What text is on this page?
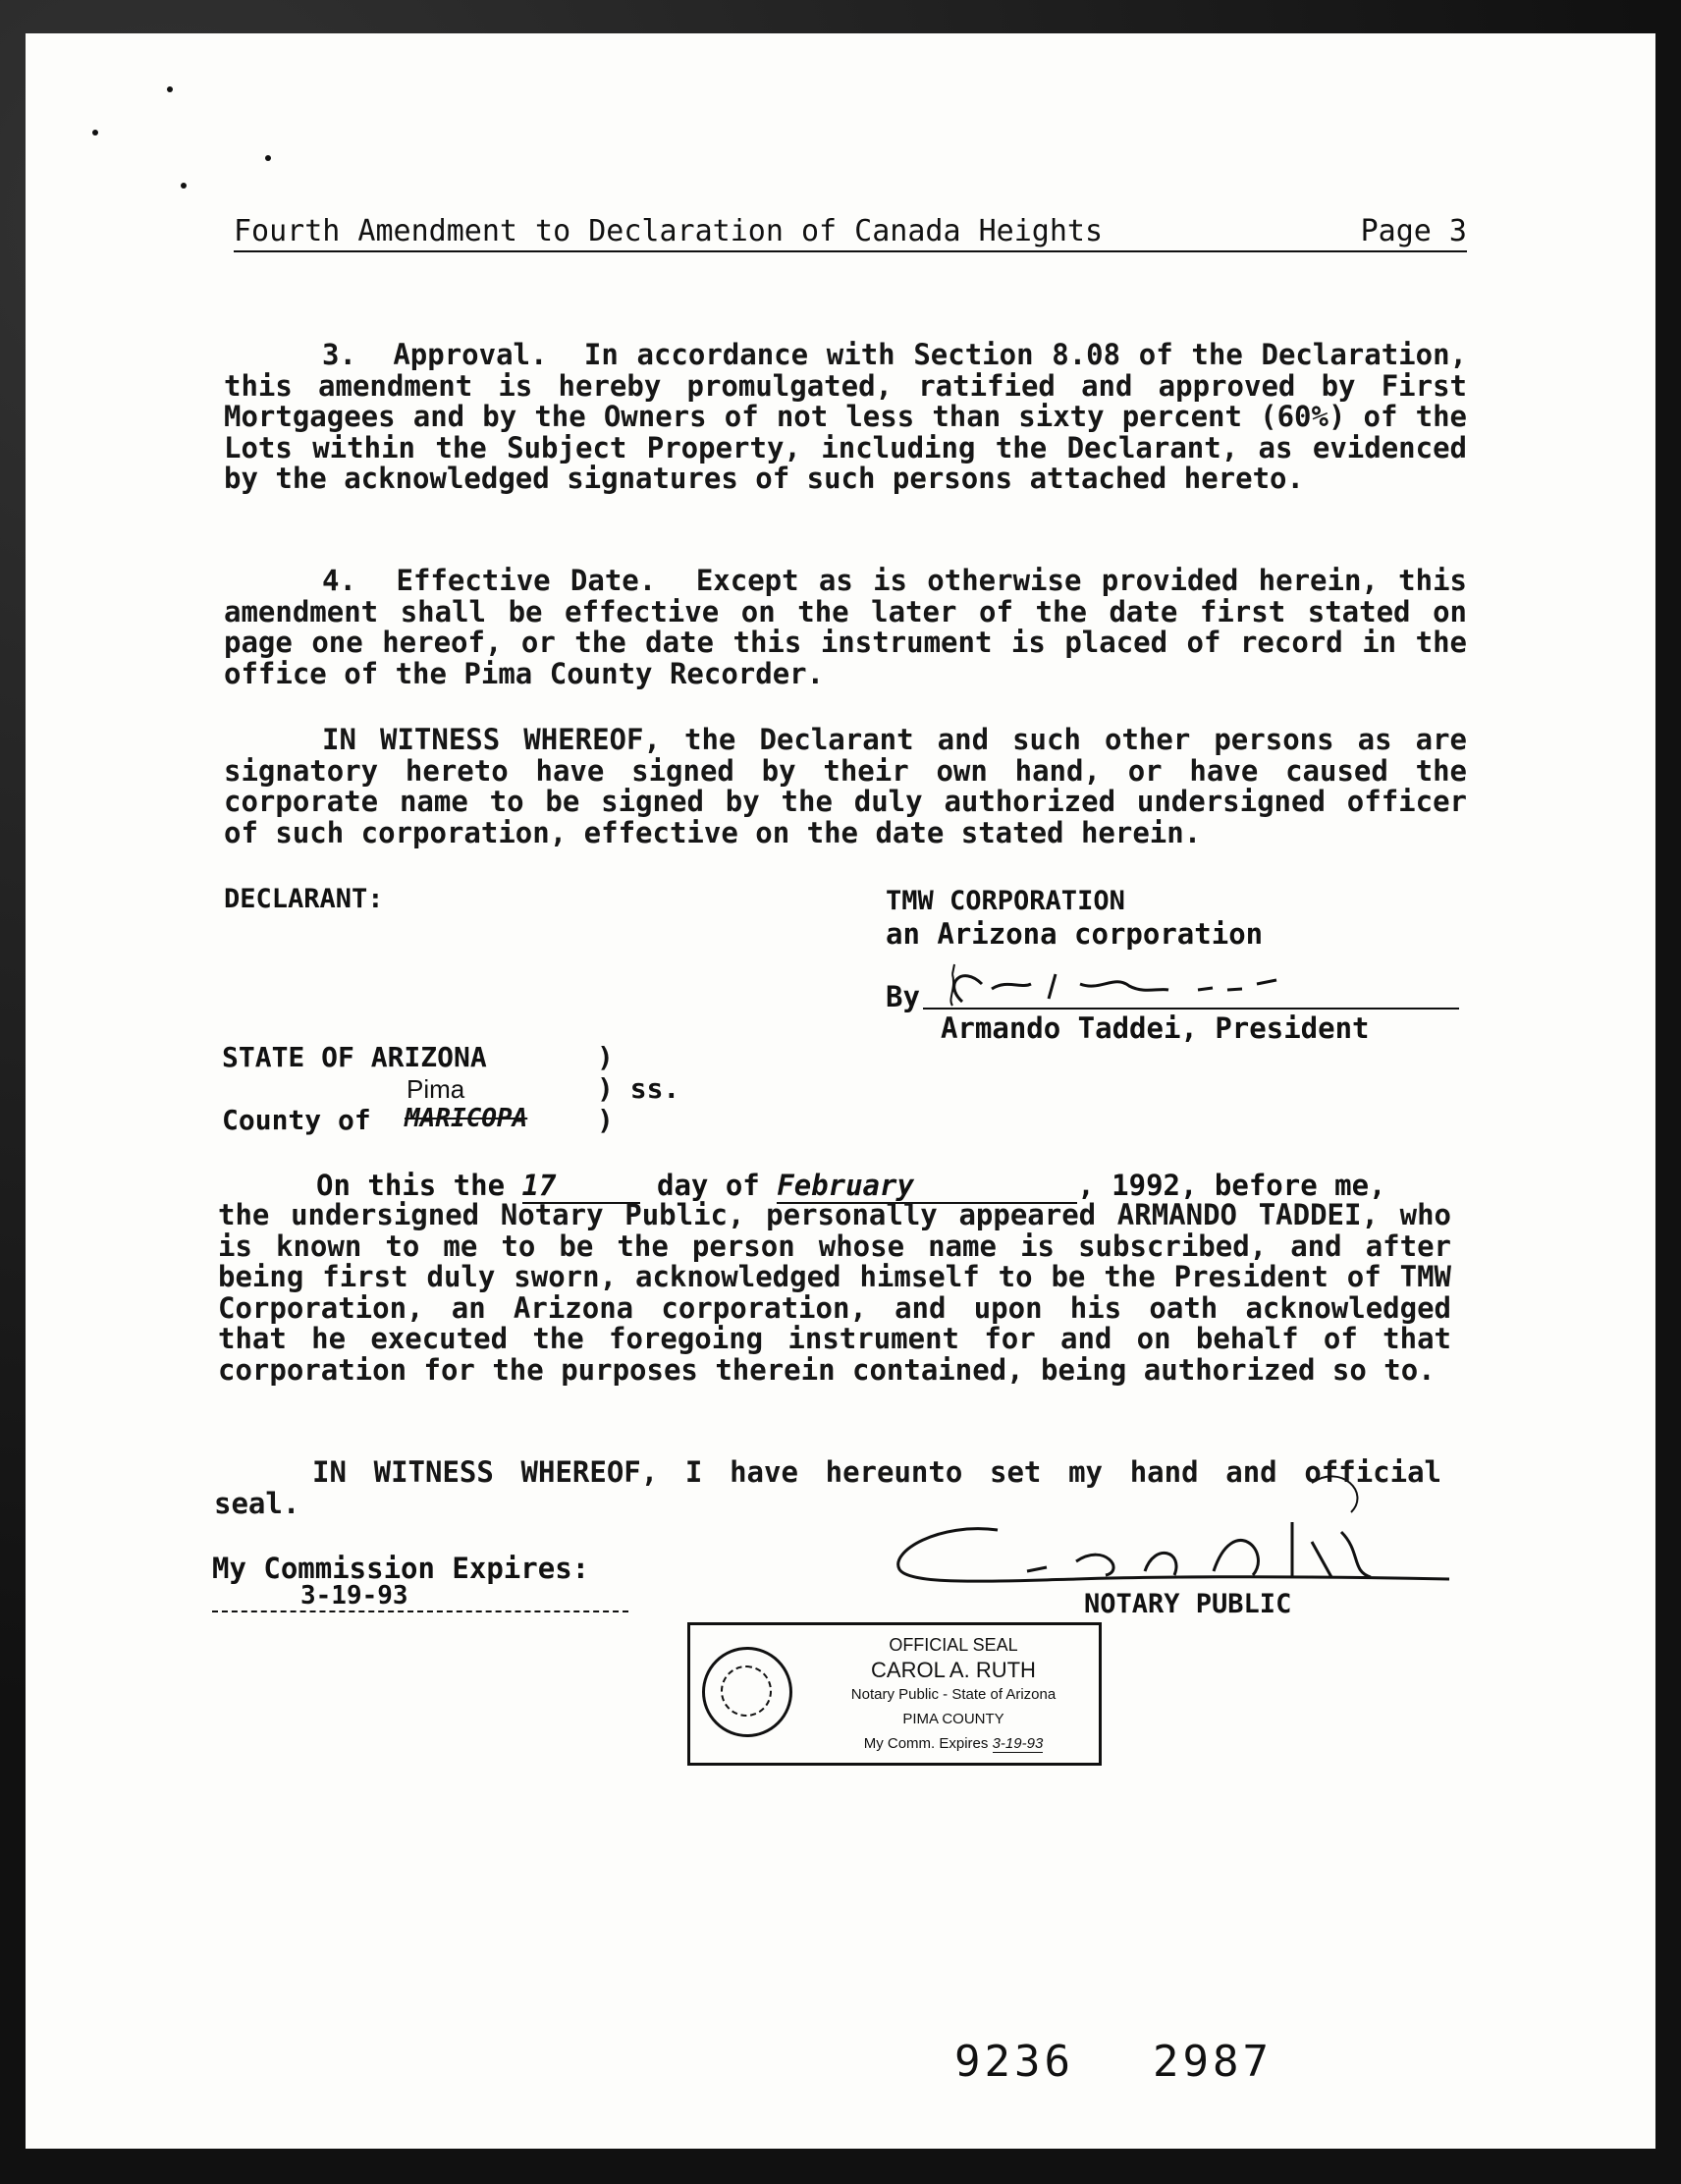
Fourth Amendment to Declaration of Canada Heights	Page 3

3. Approval. In accordance with Section 8.08 of the Declaration, this amendment is hereby promulgated, ratified and approved by First Mortgagees and by the Owners of not less than sixty percent (60%) of the Lots within the Subject Property, including the Declarant, as evidenced by the acknowledged signatures of such persons attached hereto.

4. Effective Date. Except as is otherwise provided herein, this amendment shall be effective on the later of the date first stated on page one hereof, or the date this instrument is placed of record in the office of the Pima County Recorder.

IN WITNESS WHEREOF, the Declarant and such other persons as are signatory hereto have signed by their own hand, or have caused the corporate name to be signed by the duly authorized undersigned officer of such corporation, effective on the date stated herein.

DECLARANT:	TMW CORPORATION
an Arizona corporation
By
Armando Taddei, President
STATE OF ARIZONA	)
Pima	) ss.
County of MARICOPA	)
On this the 17	day of February	, 1992, before me,

the undersigned Notary Public, personally appeared ARMANDO TADDEI, who is known to me to be the person whose name is subscribed, and after being first duly sworn, acknowledged himself to be the President of TMW Corporation, an Arizona corporation, and upon his oath acknowledged that he executed the foregoing instrument for and on behalf of that corporation for the purposes therein contained, being authorized so to.

IN WITNESS WHEREOF, I have hereunto set my hand and official seal.

My Commission Expires:
3-19-93	NOTARY PUBLIC
OFFICIAL SEAL
CAROL A. RUTH
Notary Public - State of Arizona
PIMA COUNTY
My Comm. Expires 3-19-93
9236 2987
